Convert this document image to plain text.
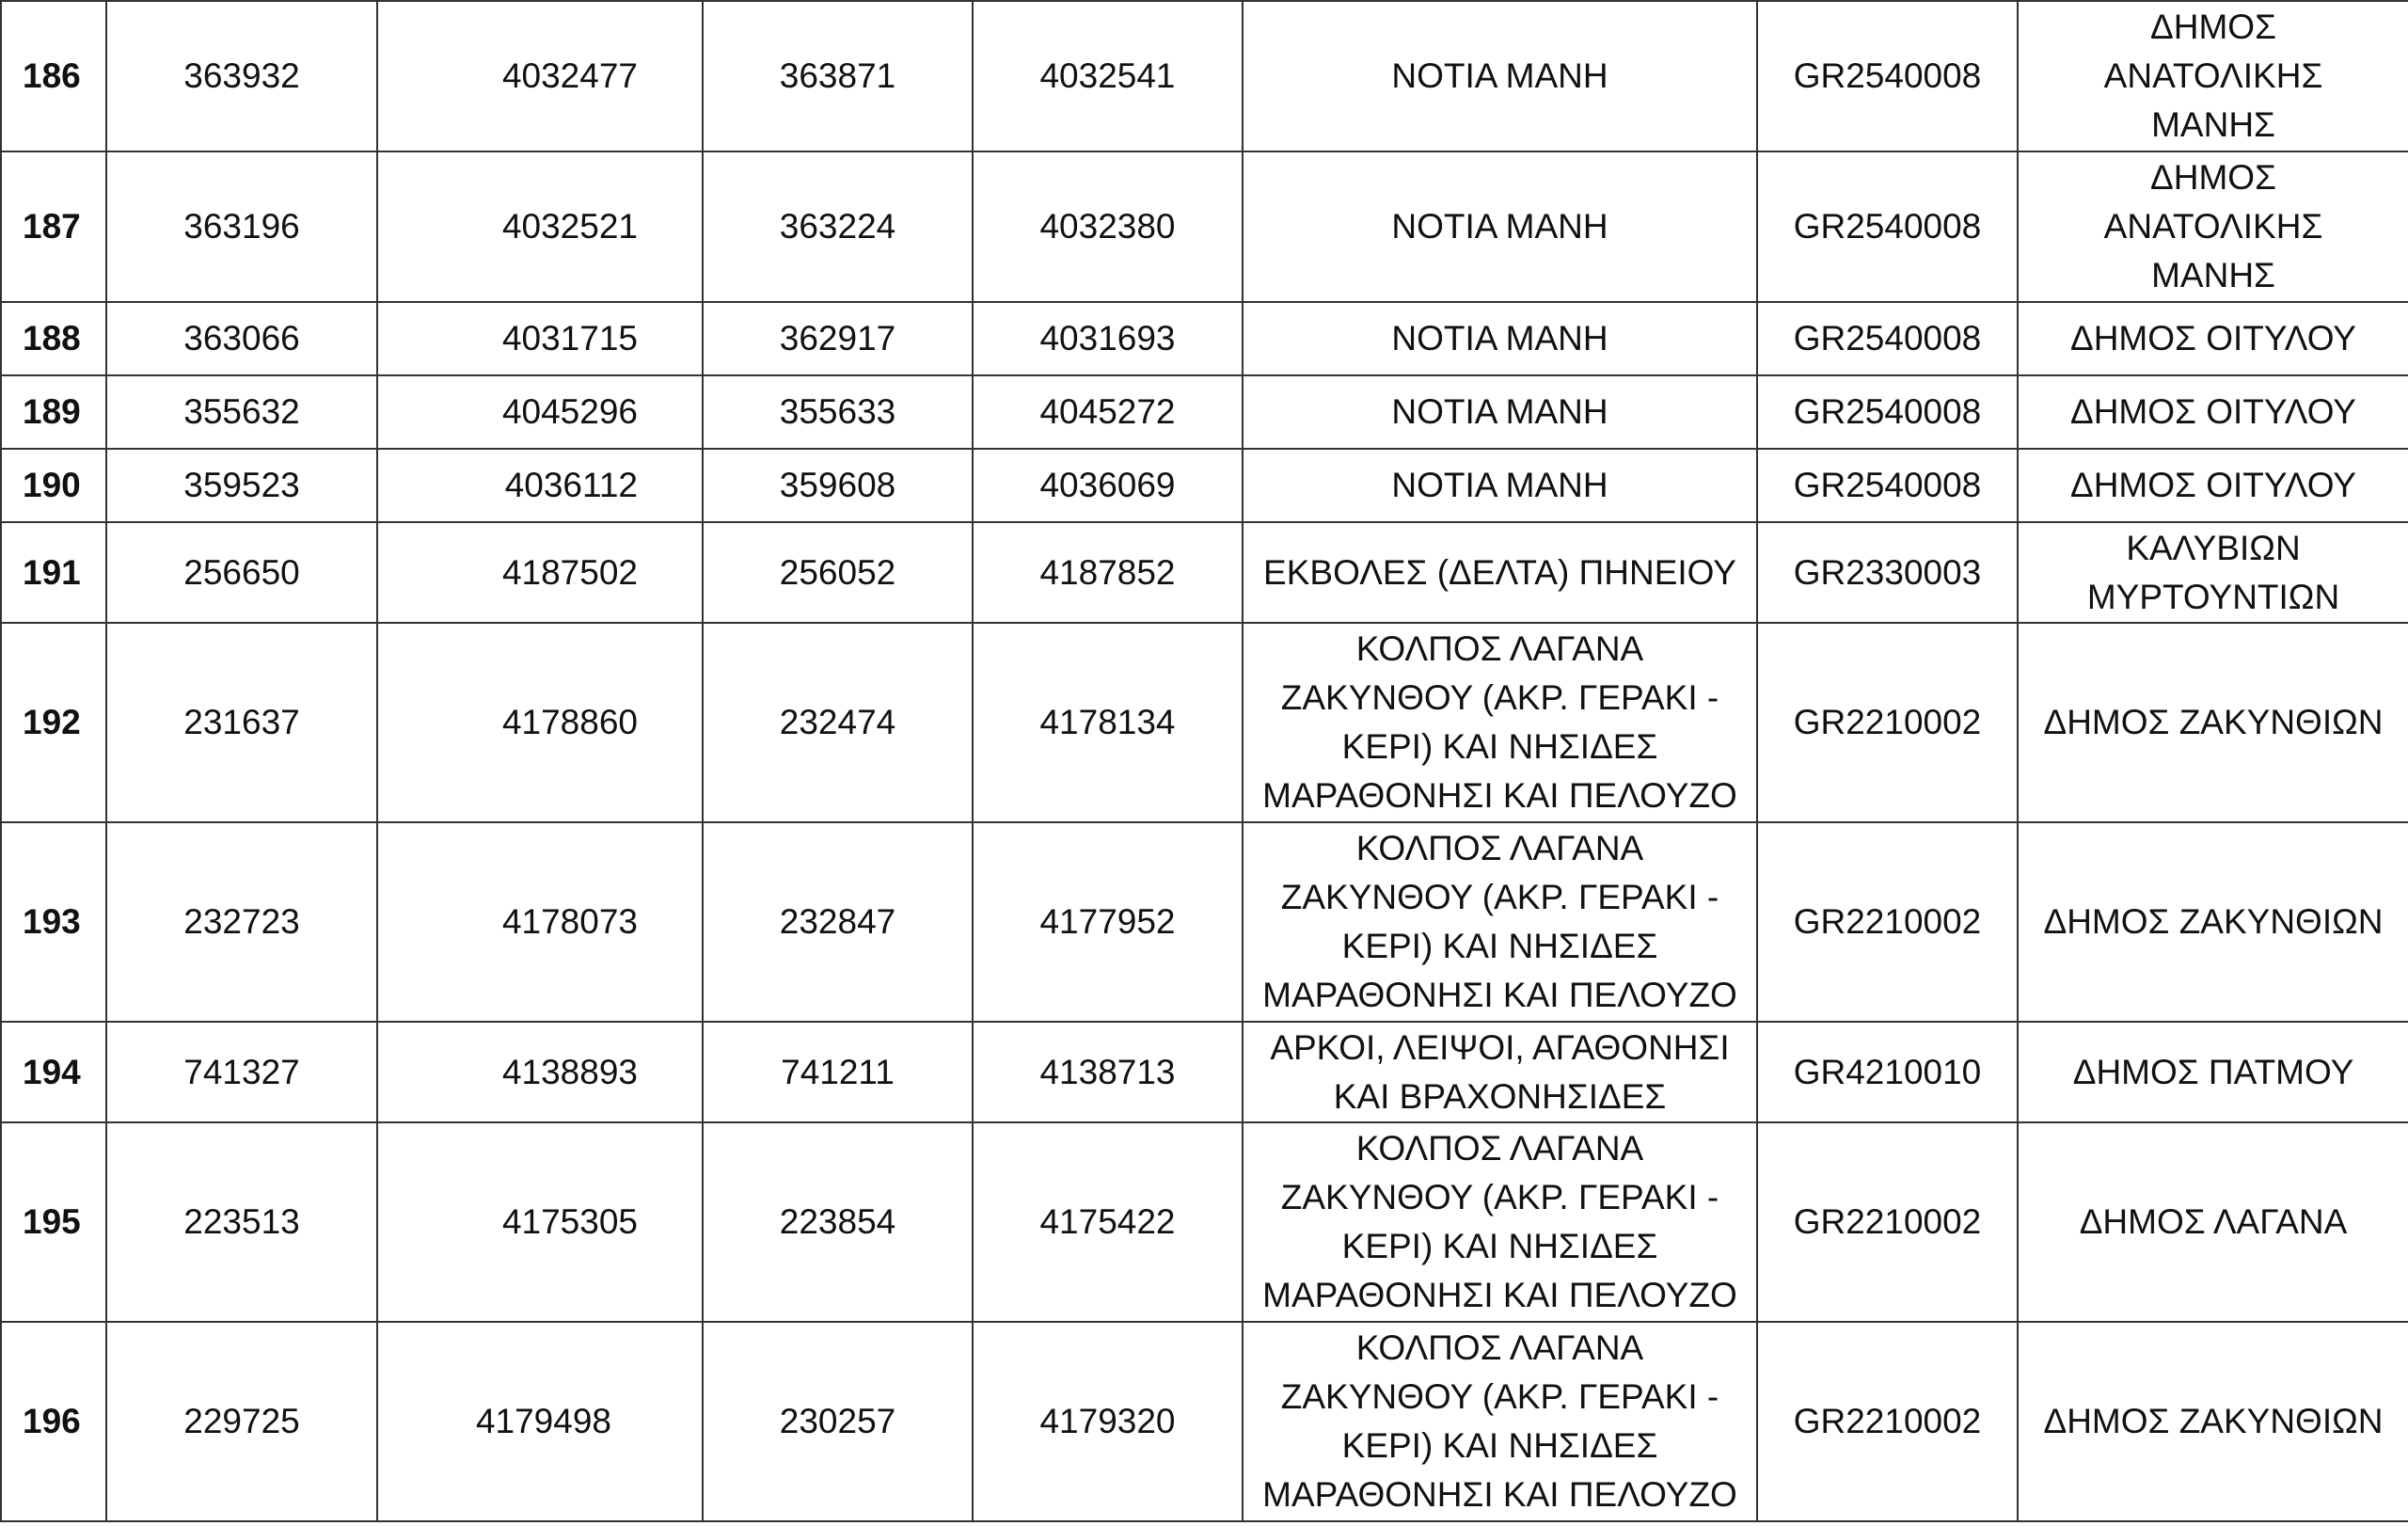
186	363932	4032477	363871	4032541	ΝΟΤΙΑ ΜΑΝΗ	GR2540008	ΔΗΜΟΣ ΑΝΑΤΟΛΙΚΗΣ ΜΑΝΗΣ
187	363196	4032521	363224	4032380	ΝΟΤΙΑ ΜΑΝΗ	GR2540008	ΔΗΜΟΣ ΑΝΑΤΟΛΙΚΗΣ ΜΑΝΗΣ
188	363066	4031715	362917	4031693	ΝΟΤΙΑ ΜΑΝΗ	GR2540008	ΔΗΜΟΣ ΟΙΤΥΛΟΥ
189	355632	4045296	355633	4045272	ΝΟΤΙΑ ΜΑΝΗ	GR2540008	ΔΗΜΟΣ ΟΙΤΥΛΟΥ
190	359523	4036112	359608	4036069	ΝΟΤΙΑ ΜΑΝΗ	GR2540008	ΔΗΜΟΣ ΟΙΤΥΛΟΥ
191	256650	4187502	256052	4187852	ΕΚΒΟΛΕΣ (ΔΕΛΤΑ) ΠΗΝΕΙΟΥ	GR2330003	ΚΑΛΥΒΙΩΝ ΜΥΡΤΟΥΝΤΙΩΝ
192	231637	4178860	232474	4178134	ΚΟΛΠΟΣ ΛΑΓΑΝΑ ΖΑΚΥΝΘΟΥ (ΑΚΡ. ΓΕΡΑΚΙ - ΚΕΡΙ) ΚΑΙ ΝΗΣΙΔΕΣ ΜΑΡΑΘΟΝΗΣΙ ΚΑΙ ΠΕΛΟΥΖΟ	GR2210002	ΔΗΜΟΣ ΖΑΚΥΝΘΙΩΝ
193	232723	4178073	232847	4177952	ΚΟΛΠΟΣ ΛΑΓΑΝΑ ΖΑΚΥΝΘΟΥ (ΑΚΡ. ΓΕΡΑΚΙ - ΚΕΡΙ) ΚΑΙ ΝΗΣΙΔΕΣ ΜΑΡΑΘΟΝΗΣΙ ΚΑΙ ΠΕΛΟΥΖΟ	GR2210002	ΔΗΜΟΣ ΖΑΚΥΝΘΙΩΝ
194	741327	4138893	741211	4138713	ΑΡΚΟΙ, ΛΕΙΨΟΙ, ΑΓΑΘΟΝΗΣΙ ΚΑΙ ΒΡΑΧΟΝΗΣΙΔΕΣ	GR4210010	ΔΗΜΟΣ ΠΑΤΜΟΥ
195	223513	4175305	223854	4175422	ΚΟΛΠΟΣ ΛΑΓΑΝΑ ΖΑΚΥΝΘΟΥ (ΑΚΡ. ΓΕΡΑΚΙ - ΚΕΡΙ) ΚΑΙ ΝΗΣΙΔΕΣ ΜΑΡΑΘΟΝΗΣΙ ΚΑΙ ΠΕΛΟΥΖΟ	GR2210002	ΔΗΜΟΣ ΛΑΓΑΝΑ
196	229725	4179498	230257	4179320	ΚΟΛΠΟΣ ΛΑΓΑΝΑ ΖΑΚΥΝΘΟΥ (ΑΚΡ. ΓΕΡΑΚΙ - ΚΕΡΙ) ΚΑΙ ΝΗΣΙΔΕΣ ΜΑΡΑΘΟΝΗΣΙ ΚΑΙ ΠΕΛΟΥΖΟ	GR2210002	ΔΗΜΟΣ ΖΑΚΥΝΘΙΩΝ
